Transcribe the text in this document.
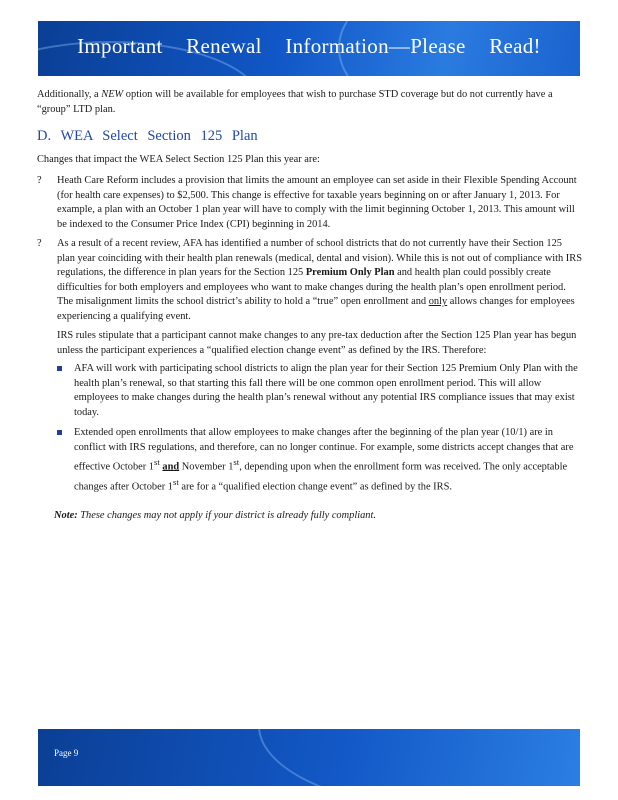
Important Renewal Information—Please Read!

Additionally, a NEW option will be available for employees that wish to purchase STD coverage but do not currently have a “group” LTD plan.

D. WEA Select Section 125 Plan

Changes that impact the WEA Select Section 125 Plan this year are:

? Heath Care Reform includes a provision that limits the amount an employee can set aside in their Flexible Spending Account (for health care expenses) to $2,500. This change is effective for taxable years beginning on or after January 1, 2013. For example, a plan with an October 1 plan year will have to comply with the limit beginning October 1, 2013. This amount will be indexed to the Consumer Price Index (CPI) beginning in 2014.
? As a result of a recent review, AFA has identified a number of school districts that do not currently have their Section 125 plan year coinciding with their health plan renewals (medical, dental and vision). While this is not out of compliance with IRS regulations, the difference in plan years for the Section 125 Premium Only Plan and health plan could possibly create difficulties for both employers and employees who want to make changes during the health plan’s open enrollment period. The misalignment limits the school district’s ability to hold a “true” open enrollment and only allows changes for employees experiencing a qualifying event.

IRS rules stipulate that a participant cannot make changes to any pre-tax deduction after the Section 125 Plan year has begun unless the participant experiences a “qualified election change event” as defined by the IRS. Therefore:

AFA will work with participating school districts to align the plan year for their Section 125 Premium Only Plan with the health plan’s renewal, so that starting this fall there will be one common open enrollment period. This will allow employees to make changes during the health plan’s renewal without any potential IRS compliance issues that may exist today.
Extended open enrollments that allow employees to make changes after the beginning of the plan year (10/1) are in conflict with IRS regulations, and therefore, can no longer continue. For example, some districts accept changes that are effective October 1st and November 1st, depending upon when the enrollment form was received. The only acceptable changes after October 1st are for a “qualified election change event” as defined by the IRS.

Note: These changes may not apply if your district is already fully compliant.

Page 9
